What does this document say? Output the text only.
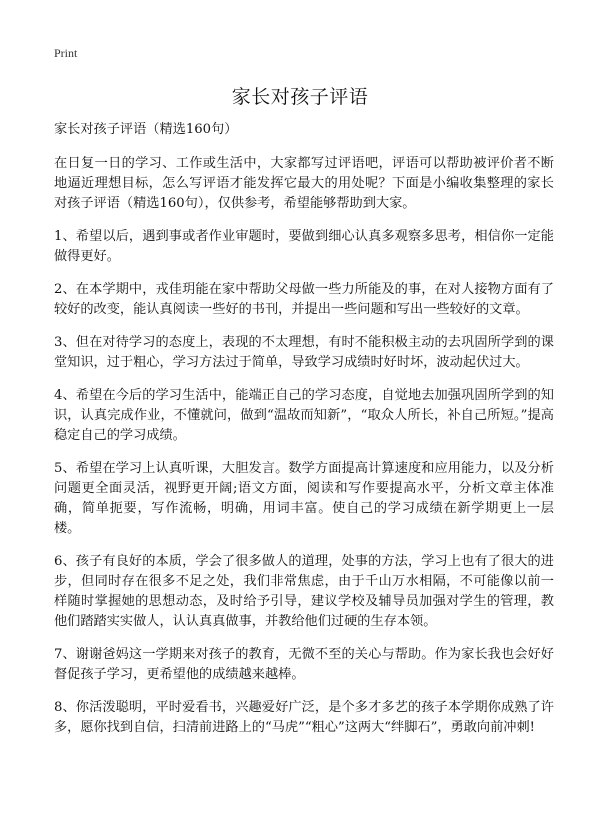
Print
家长对孩子评语

家长对孩子评语（精选160句）

在日复一日的学习、工作或生活中，大家都写过评语吧，评语可以帮助被评价者不断地逼近理想目标，怎么写评语才能发挥它最大的用处呢？下面是小编收集整理的家长对孩子评语（精选160句），仅供参考，希望能够帮助到大家。

1、希望以后，遇到事或者作业审题时，要做到细心认真多观察多思考，相信你一定能做得更好。

2、在本学期中，戎佳玥能在家中帮助父母做一些力所能及的事，在对人接物方面有了较好的改变，能认真阅读一些好的书刊，并提出一些问题和写出一些较好的文章。

3、但在对待学习的态度上，表现的不太理想，有时不能积极主动的去巩固所学到的课堂知识，过于粗心，学习方法过于简单，导致学习成绩时好时坏，波动起伏过大。

4、希望在今后的学习生活中，能端正自己的学习态度，自觉地去加强巩固所学到的知识，认真完成作业，不懂就问，做到“温故而知新”，“取众人所长，补自己所短。”提高稳定自己的学习成绩。

5、希望在学习上认真听课，大胆发言。数学方面提高计算速度和应用能力，以及分析问题更全面灵活，视野更开阔;语文方面，阅读和写作要提高水平，分析文章主体准确，简单扼要，写作流畅，明确，用词丰富。使自己的学习成绩在新学期更上一层楼。

6、孩子有良好的本质，学会了很多做人的道理，处事的方法，学习上也有了很大的进步，但同时存在很多不足之处，我们非常焦虑，由于千山万水相隔，不可能像以前一样随时掌握她的思想动态，及时给予引导，建议学校及辅导员加强对学生的管理，教他们踏踏实实做人，认认真真做事，并教给他们过硬的生存本领。

7、谢谢爸妈这一学期来对孩子的教育，无微不至的关心与帮助。作为家长我也会好好督促孩子学习，更希望他的成绩越来越棒。

8、你活泼聪明，平时爱看书，兴趣爱好广泛，是个多才多艺的孩子本学期你成熟了许多，愿你找到自信，扫清前进路上的“马虎”“粗心”这两大“绊脚石”，勇敢向前冲刺!
